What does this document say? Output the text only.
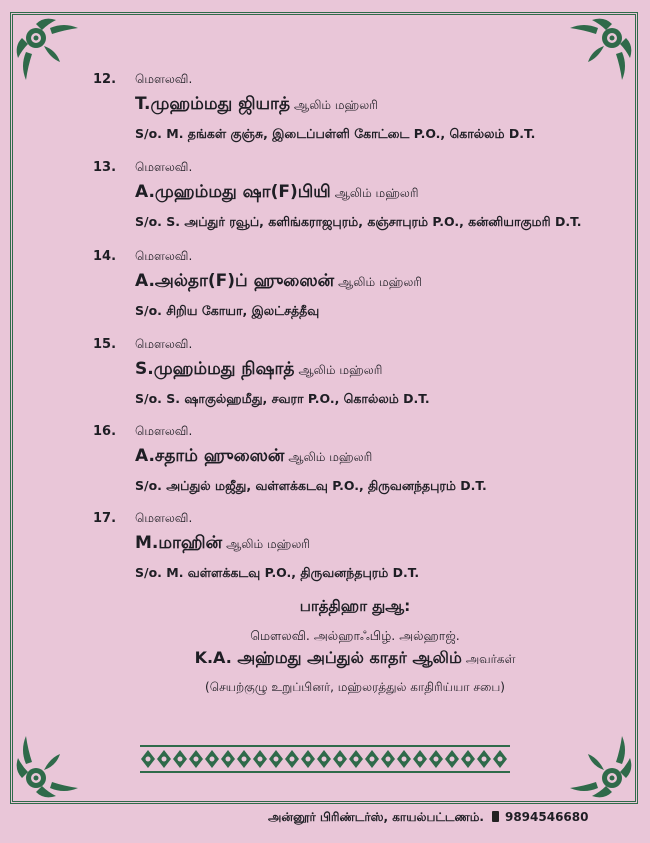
12. மௌலவி.
T.முஹம்மது ஜியாத் ஆலிம் மஹ்லரி
S/o. M. தங்கள் குஞ்சு, இடைப்பள்ளி கோட்டை P.O., கொல்லம் D.T.
13. மௌலவி.
A.முஹம்மது ஷா(F)பியி ஆலிம் மஹ்லரி
S/o. S. அப்துர் ரவூப், களிங்கராஜபுரம், கஞ்சாபுரம் P.O., கன்னியாகுமரி D.T.
14. மௌலவி.
A.அல்தா(F)ப் ஹுஸைன் ஆலிம் மஹ்லரி
S/o. சிறிய கோயா, இலட்சத்தீவு
15. மௌலவி.
S.முஹம்மது நிஷாத் ஆலிம் மஹ்லரி
S/o. S. ஷாகுல்ஹமீது, சவரா P.O., கொல்லம் D.T.
16. மௌலவி.
A.சதாம் ஹுஸைன் ஆலிம் மஹ்லரி
S/o. அப்துல் மஜீது, வள்ளக்கடவு P.O., திருவனந்தபுரம் D.T.
17. மௌலவி.
M.மாஹின் ஆலிம் மஹ்லரி
S/o. M. வள்ளக்கடவு P.O., திருவனந்தபுரம் D.T.
பாத்திஹா துஆ:
மௌலவி. அல்ஹாஃபிழ். அல்ஹாஜ்.
K.A. அஹ்மது அப்துல் காதர் ஆலிம் அவர்கள்
(செயற்குழு உறுப்பினர், மஹ்லரத்துல் காதிரிய்யா சபை)
அன்னூர் பிரிண்டர்ஸ், காயல்பட்டணம். 9894546680
